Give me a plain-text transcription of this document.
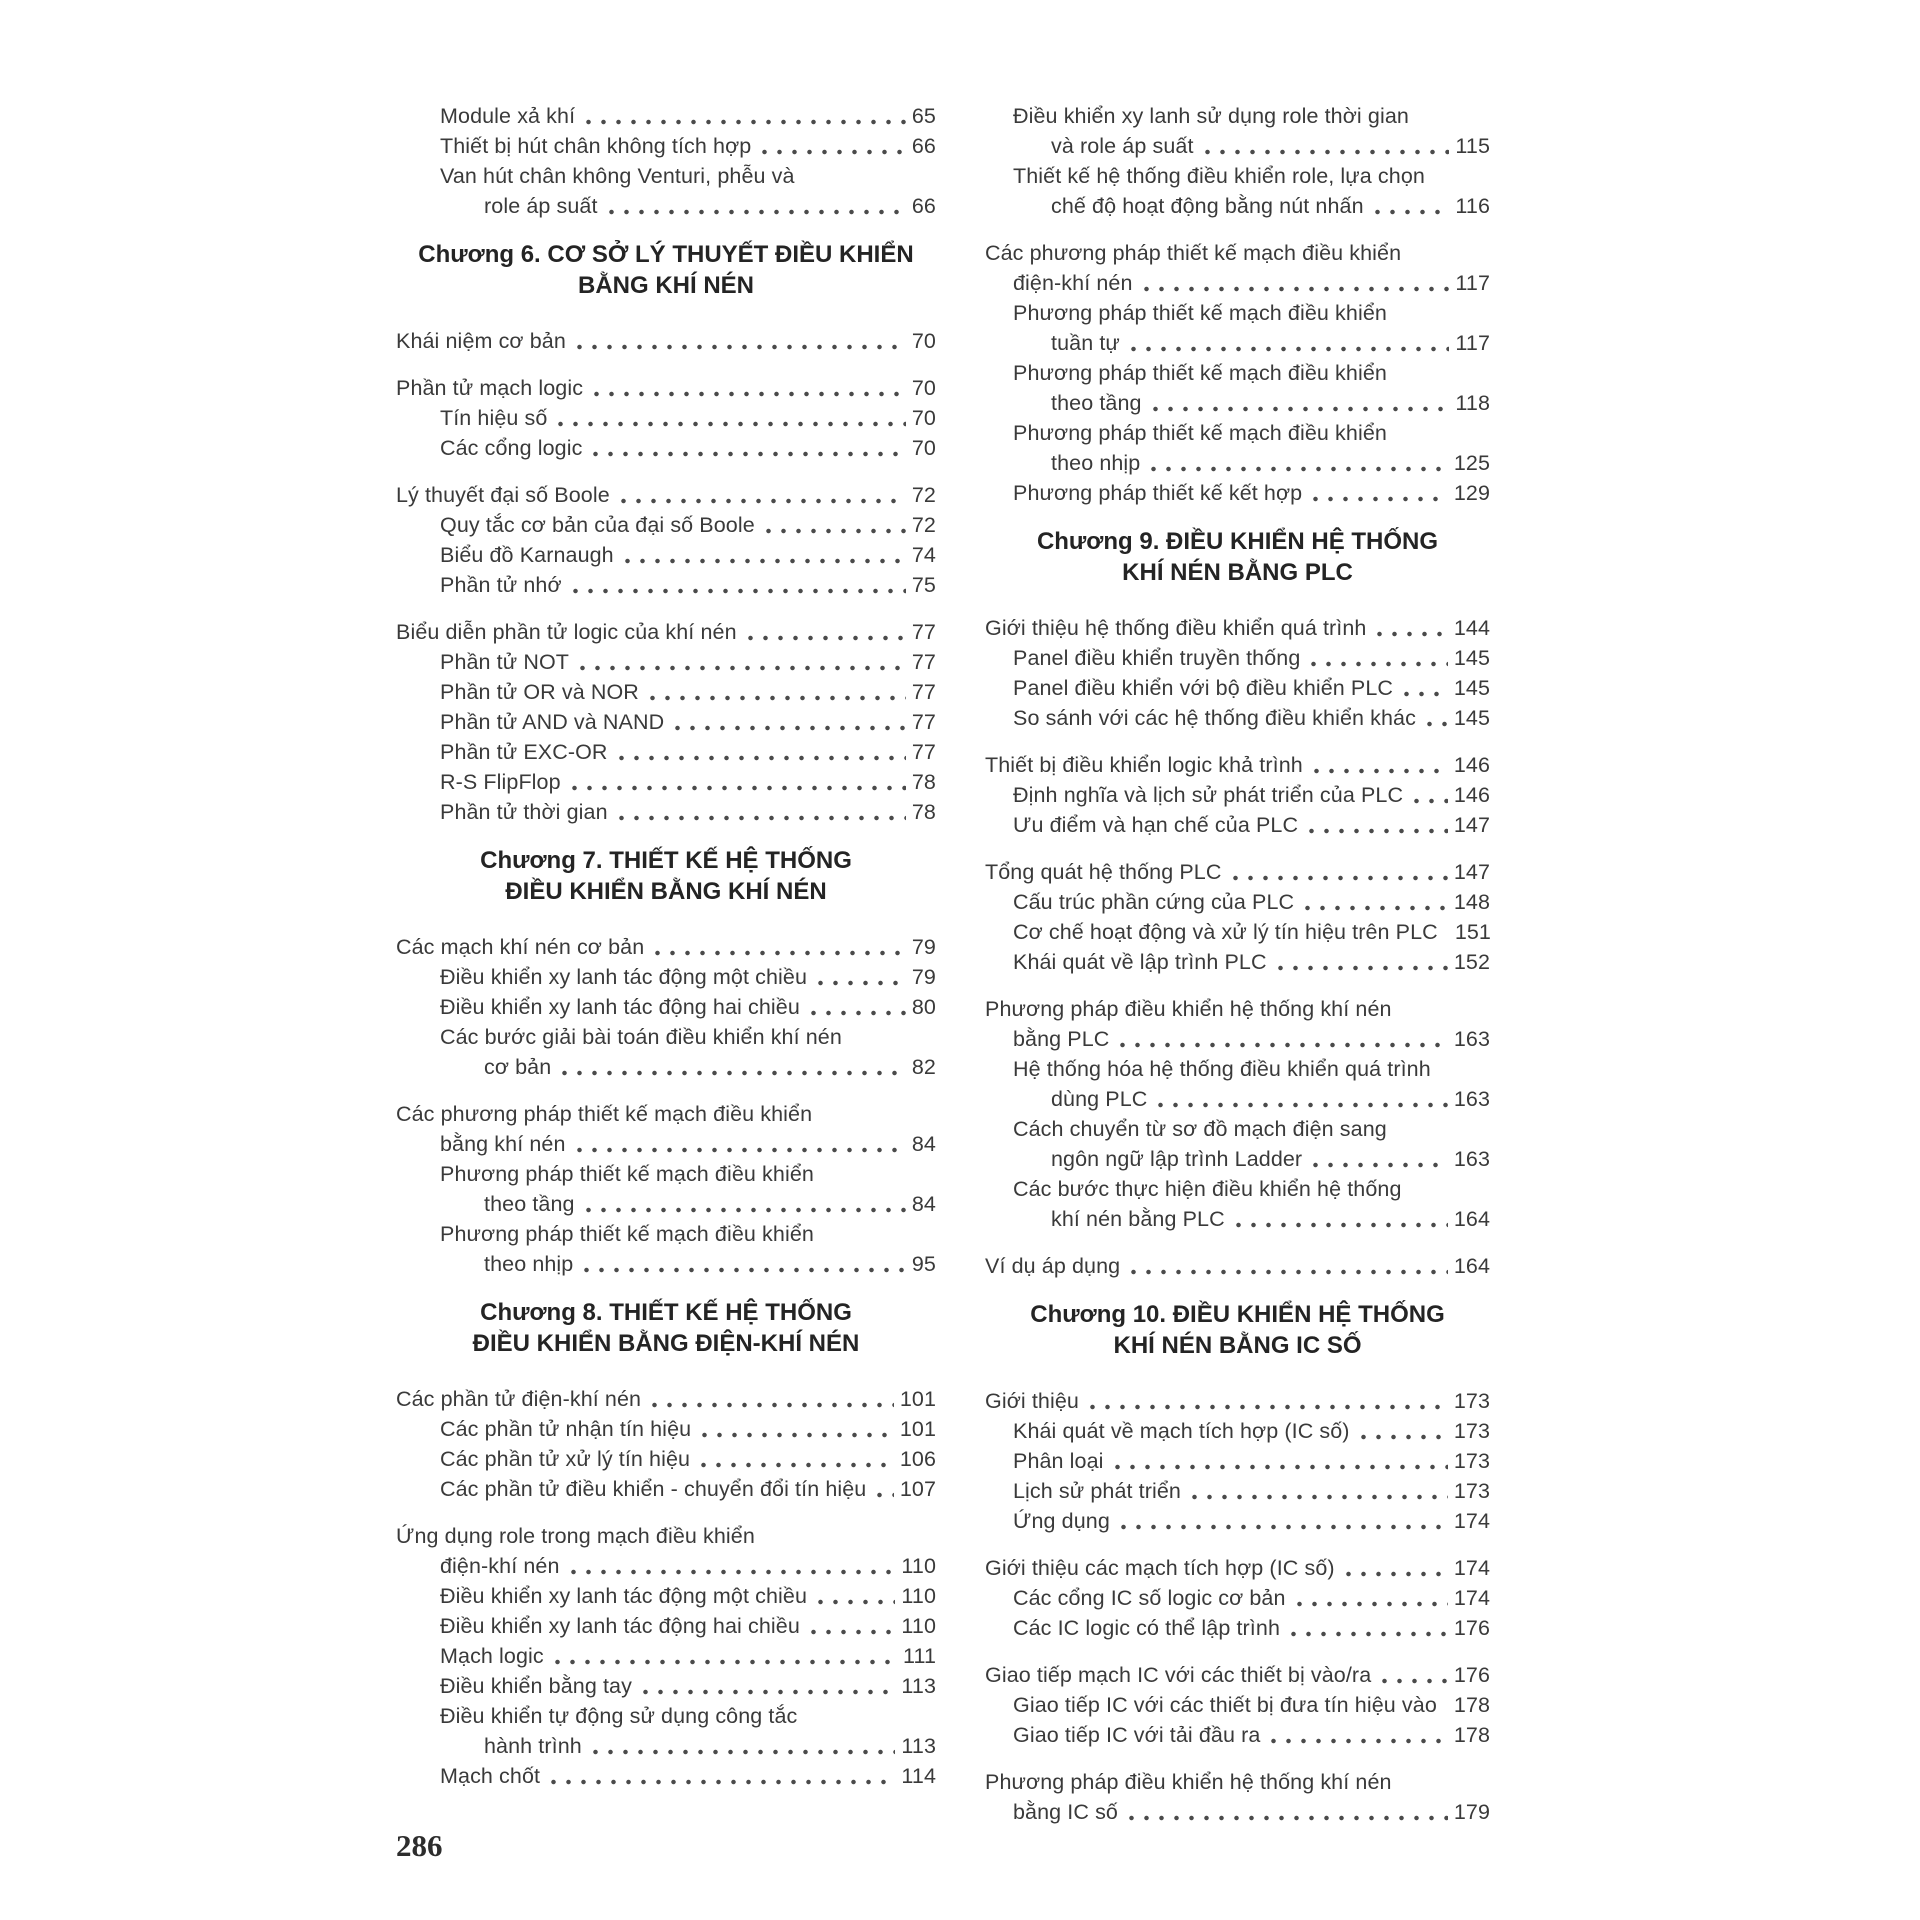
Module xả khí	65
Thiết bị hút chân không tích hợp	66
Van hút chân không Venturi, phễu và
role áp suất	66
Chương 6. CƠ SỞ LÝ THUYẾT ĐIỀU KHIỂN
BẰNG KHÍ NÉN
Khái niệm cơ bản	70
Phần tử mạch logic	70
Tín hiệu số	70
Các cổng logic	70
Lý thuyết đại số Boole	72
Quy tắc cơ bản của đại số Boole	72
Biểu đồ Karnaugh	74
Phần tử nhớ	75
Biểu diễn phần tử logic của khí nén	77
Phần tử NOT	77
Phần tử OR và NOR	77
Phần tử AND và NAND	77
Phần tử EXC-OR	77
R-S FlipFlop	78
Phần tử thời gian	78
Chương 7. THIẾT KẾ HỆ THỐNG
ĐIỀU KHIỂN BẰNG KHÍ NÉN
Các mạch khí nén cơ bản	79
Điều khiển xy lanh tác động một chiều	79
Điều khiển xy lanh tác động hai chiều	80
Các bước giải bài toán điều khiển khí nén
cơ bản	82
Các phương pháp thiết kế mạch điều khiển
bằng khí nén	84
Phương pháp thiết kế mạch điều khiển
theo tầng	84
Phương pháp thiết kế mạch điều khiển
theo nhịp	95
Chương 8. THIẾT KẾ HỆ THỐNG
ĐIỀU KHIỂN BẰNG ĐIỆN-KHÍ NÉN
Các phần tử điện-khí nén	101
Các phần tử nhận tín hiệu	101
Các phần tử xử lý tín hiệu	106
Các phần tử điều khiển - chuyển đổi tín hiệu 107
Ứng dụng role trong mạch điều khiển
điện-khí nén	110
Điều khiển xy lanh tác động một chiều	110
Điều khiển xy lanh tác động hai chiều	110
Mạch logic	111
Điều khiển bằng tay	113
Điều khiển tự động sử dụng công tắc
hành trình	113
Mạch chốt	114
Điều khiển xy lanh sử dụng role thời gian
và role áp suất	115
Thiết kế hệ thống điều khiển role, lựa chọn
chế độ hoạt động bằng nút nhấn	116
Các phương pháp thiết kế mạch điều khiển
điện-khí nén	117
Phương pháp thiết kế mạch điều khiển
tuần tự	117
Phương pháp thiết kế mạch điều khiển
theo tầng	118
Phương pháp thiết kế mạch điều khiển
theo nhịp	125
Phương pháp thiết kế kết hợp	129
Chương 9. ĐIỀU KHIỂN HỆ THỐNG
KHÍ NÉN BẰNG PLC
Giới thiệu hệ thống điều khiển quá trình	144
Panel điều khiển truyền thống	145
Panel điều khiển với bộ điều khiển PLC	145
So sánh với các hệ thống điều khiển khác 145
Thiết bị điều khiển logic khả trình	146
Định nghĩa và lịch sử phát triển của PLC 146
Ưu điểm và hạn chế của PLC	147
Tổng quát hệ thống PLC	147
Cấu trúc phần cứng của PLC	148
Cơ chế hoạt động và xử lý tín hiệu trên PLC 151
Khái quát về lập trình PLC	152
Phương pháp điều khiển hệ thống khí nén
bằng PLC	163
Hệ thống hóa hệ thống điều khiển quá trình
dùng PLC	163
Cách chuyển từ sơ đồ mạch điện sang
ngôn ngữ lập trình Ladder	163
Các bước thực hiện điều khiển hệ thống
khí nén bằng PLC	164
Ví dụ áp dụng	164
Chương 10. ĐIỀU KHIỂN HỆ THỐNG
KHÍ NÉN BẰNG IC SỐ
Giới thiệu	173
Khái quát về mạch tích hợp (IC số)	173
Phân loại	173
Lịch sử phát triển	173
Ứng dụng	174
Giới thiệu các mạch tích hợp (IC số)	174
Các cổng IC số logic cơ bản	174
Các IC logic có thể lập trình	176
Giao tiếp mạch IC với các thiết bị vào/ra	176
Giao tiếp IC với các thiết bị đưa tín hiệu vào 178
Giao tiếp IC với tải đầu ra	178
Phương pháp điều khiển hệ thống khí nén
bằng IC số	179
286
